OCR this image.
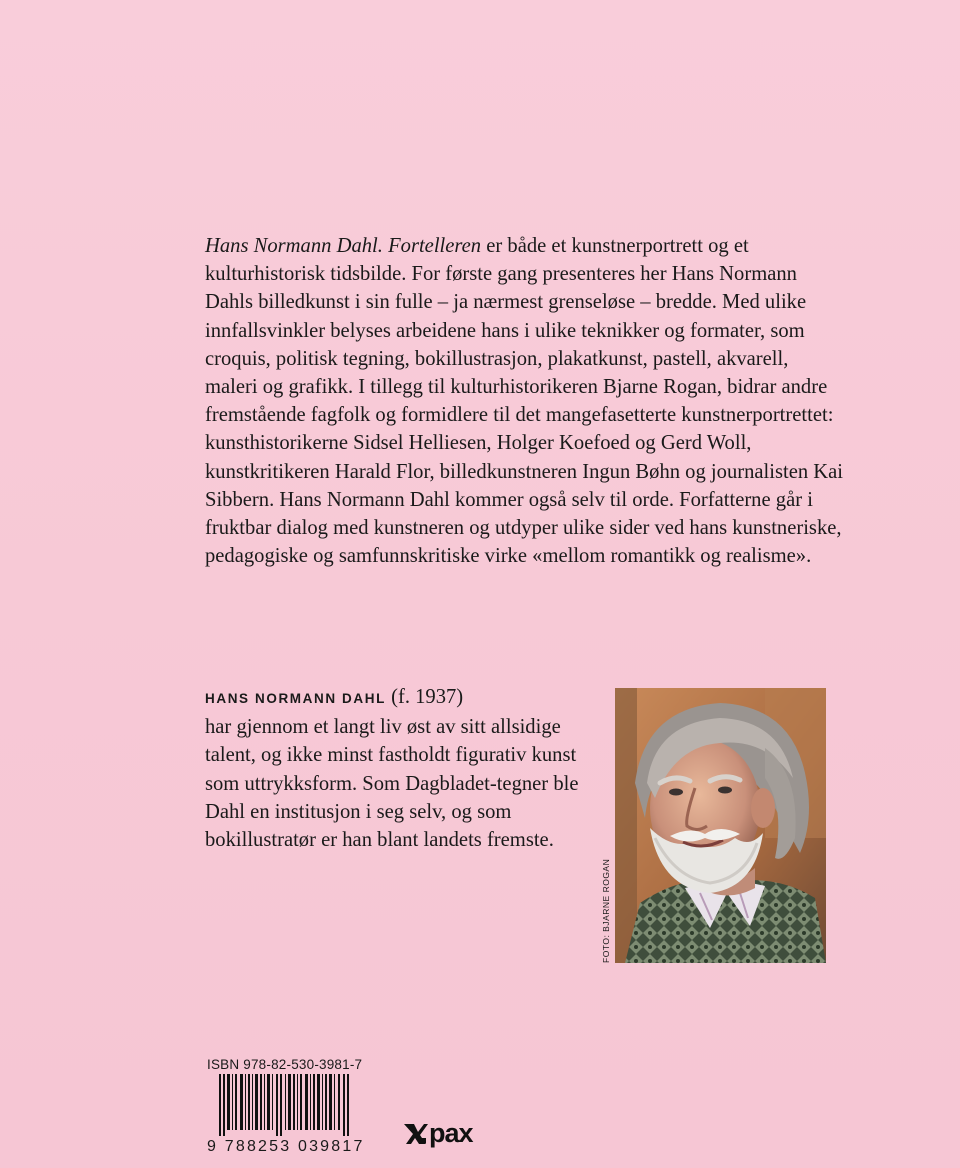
Hans Normann Dahl. Fortelleren er både et kunstnerportrett og et kulturhistorisk tidsbilde. For første gang presenteres her Hans Normann Dahls billedkunst i sin fulle – ja nærmest grenseløse – bredde. Med ulike innfallsvinkler belyses arbeidene hans i ulike teknikker og formater, som croquis, politisk tegning, bokillustrasjon, plakatkunst, pastell, akvarell, maleri og grafikk. I tillegg til kulturhistorikeren Bjarne Rogan, bidrar andre fremstående fagfolk og formidlere til det mangefasetterte kunstnerportrettet: kunsthistorikerne Sidsel Helliesen, Holger Koefoed og Gerd Woll, kunstkritikeren Harald Flor, billedkunstneren Ingun Bøhn og journalisten Kai Sibbern. Hans Normann Dahl kommer også selv til orde. Forfatterne går i fruktbar dialog med kunstneren og utdyper ulike sider ved hans kunstneriske, pedagogiske og samfunnskritiske virke «mellom romantikk og realisme».

HANS NORMANN DAHL (f. 1937)
har gjennom et langt liv øst av sitt allsidige talent, og ikke minst fastholdt figurativ kunst som uttrykksform. Som Dagbladet-tegner ble Dahl en institusjon i seg selv, og som bokillustratør er han blant landets fremste.
FOTO: BJARNE ROGAN
ISBN 978-82-530-3981-7
9 788253 039817 pax
